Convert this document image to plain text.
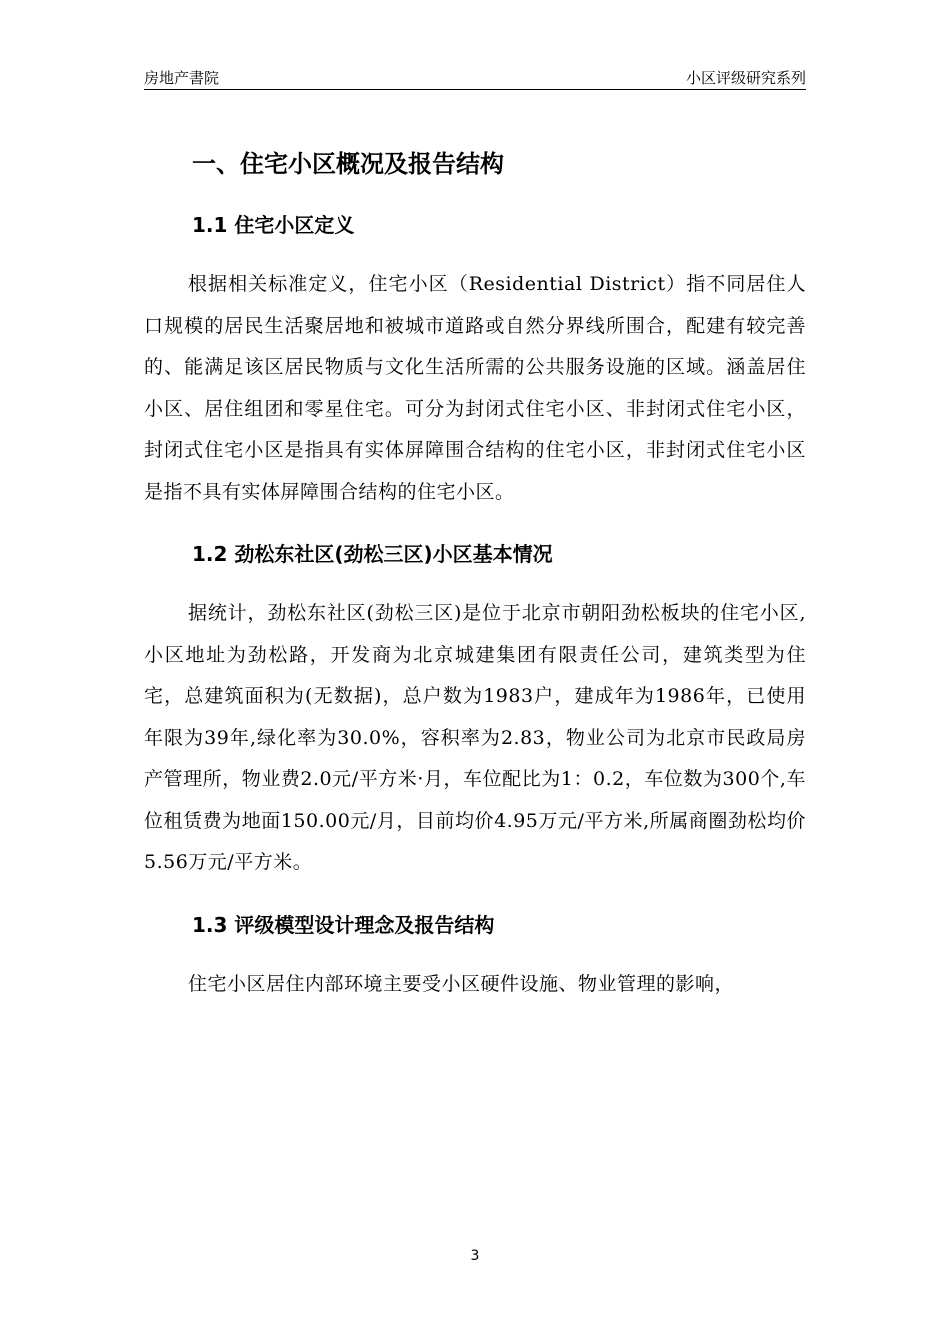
房地产書院	小区评级研究系列
一、住宅小区概况及报告结构
1.1 住宅小区定义

根据相关标准定义，住宅小区（Residential District）指不同居住人口规模的居民生活聚居地和被城市道路或自然分界线所围合，配建有较完善的、能满足该区居民物质与文化生活所需的公共服务设施的区域。涵盖居住小区、居住组团和零星住宅。可分为封闭式住宅小区、非封闭式住宅小区，封闭式住宅小区是指具有实体屏障围合结构的住宅小区，非封闭式住宅小区是指不具有实体屏障围合结构的住宅小区。

1.2 劲松东社区(劲松三区)小区基本情况

据统计，劲松东社区(劲松三区)是位于北京市朝阳劲松板块的住宅小区,小区地址为劲松路，开发商为北京城建集团有限责任公司，建筑类型为住宅，总建筑面积为(无数据)，总户数为1983户，建成年为1986年，已使用年限为39年,绿化率为30.0%，容积率为2.83，物业公司为北京市民政局房产管理所，物业费2.0元/平方米·月，车位配比为1：0.2，车位数为300个,车位租赁费为地面150.00元/月，目前均价4.95万元/平方米,所属商圈劲松均价5.56万元/平方米。

1.3 评级模型设计理念及报告结构

住宅小区居住内部环境主要受小区硬件设施、物业管理的影响，

3
